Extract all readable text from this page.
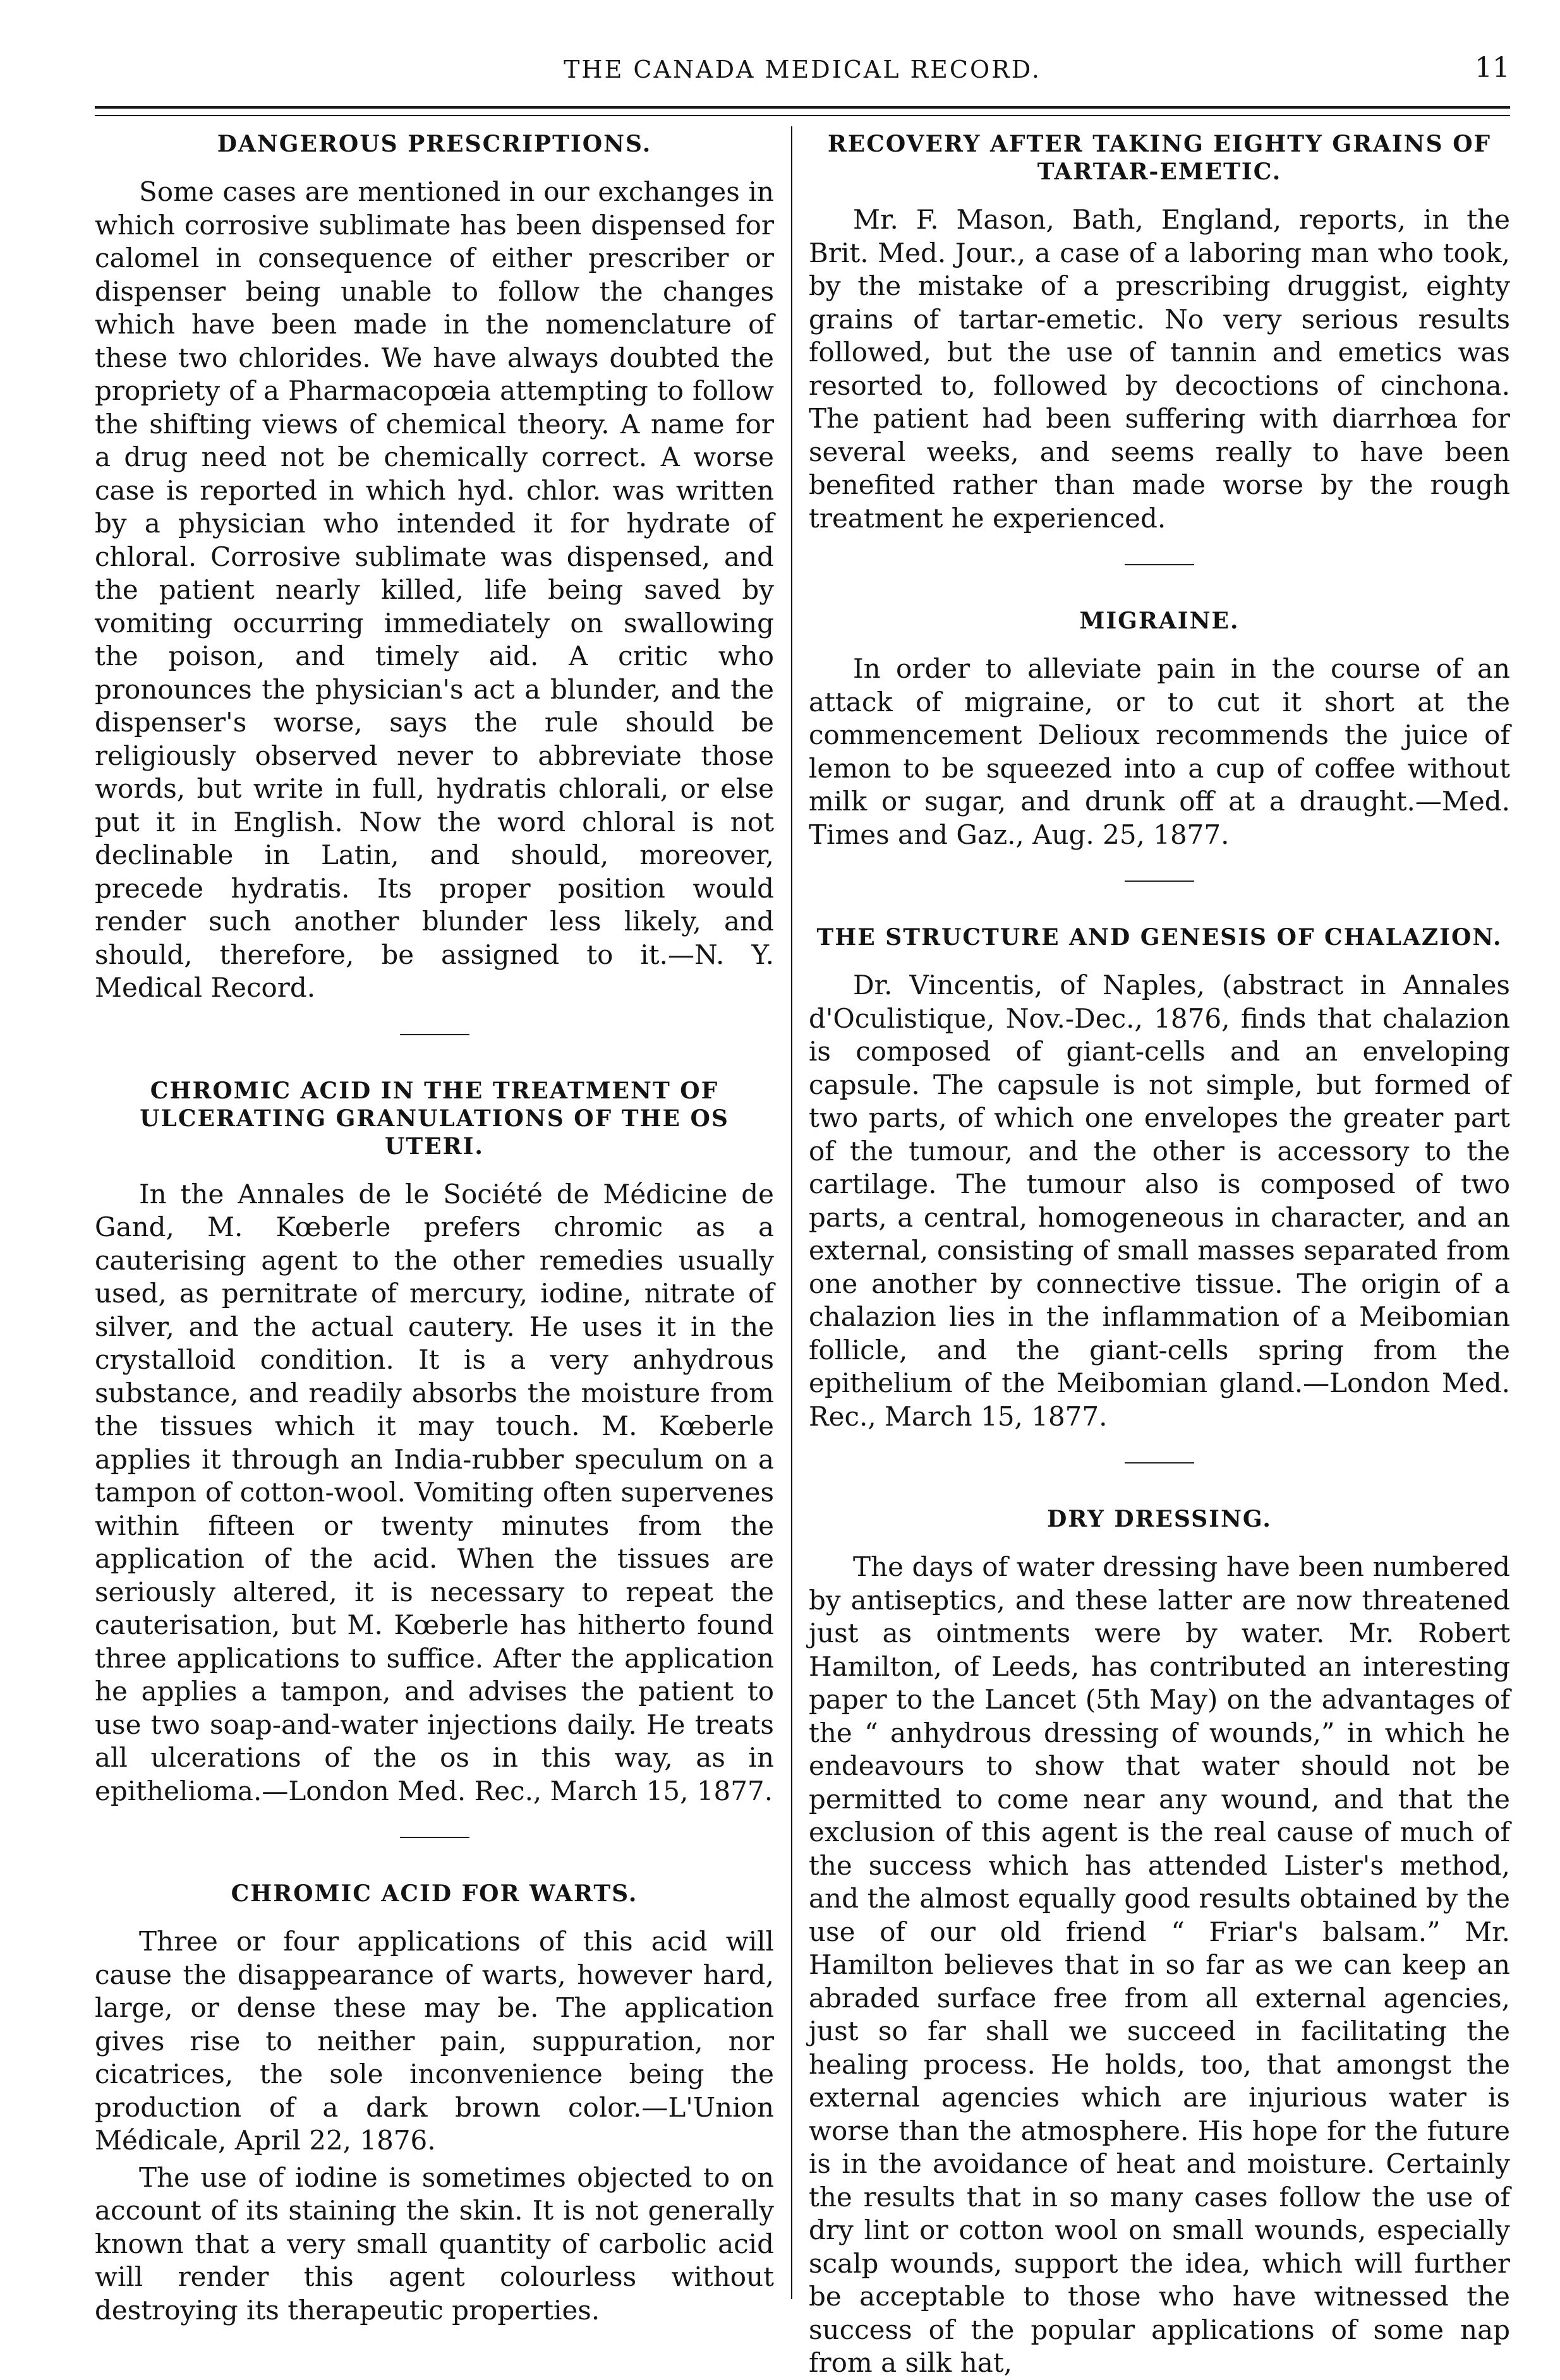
THE CANADA MEDICAL RECORD.	11
DANGEROUS PRESCRIPTIONS.

Some cases are mentioned in our exchanges in which corrosive sublimate has been dispensed for calomel in consequence of either prescriber or dispenser being unable to follow the changes which have been made in the nomenclature of these two chlorides. We have always doubted the propriety of a Pharmacopœia attempting to follow the shifting views of chemical theory. A name for a drug need not be chemically correct. A worse case is reported in which hyd. chlor. was written by a physician who intended it for hydrate of chloral. Corrosive sublimate was dispensed, and the patient nearly killed, life being saved by vomiting occurring immediately on swallowing the poison, and timely aid. A critic who pronounces the physician's act a blunder, and the dispenser's worse, says the rule should be religiously observed never to abbreviate those words, but write in full, hydratis chlorali, or else put it in English. Now the word chloral is not declinable in Latin, and should, moreover, precede hydratis. Its proper position would render such another blunder less likely, and should, therefore, be assigned to it.—N. Y. Medical Record.

CHROMIC ACID IN THE TREATMENT OF ULCERATING GRANULATIONS OF THE OS UTERI.

In the Annales de le Société de Médicine de Gand, M. Kœberle prefers chromic as a cauterising agent to the other remedies usually used, as pernitrate of mercury, iodine, nitrate of silver, and the actual cautery. He uses it in the crystalloid condition. It is a very anhydrous substance, and readily absorbs the moisture from the tissues which it may touch. M. Kœberle applies it through an India-rubber speculum on a tampon of cotton-wool. Vomiting often supervenes within fifteen or twenty minutes from the application of the acid. When the tissues are seriously altered, it is necessary to repeat the cauterisation, but M. Kœberle has hitherto found three applications to suffice. After the application he applies a tampon, and advises the patient to use two soap-and-water injections daily. He treats all ulcerations of the os in this way, as in epithelioma.—London Med. Rec., March 15, 1877.

CHROMIC ACID FOR WARTS.

Three or four applications of this acid will cause the disappearance of warts, however hard, large, or dense these may be. The application gives rise to neither pain, suppuration, nor cicatrices, the sole inconvenience being the production of a dark brown color.—L'Union Médicale, April 22, 1876.

The use of iodine is sometimes objected to on account of its staining the skin. It is not generally known that a very small quantity of carbolic acid will render this agent colourless without destroying its therapeutic properties.

RECOVERY AFTER TAKING EIGHTY GRAINS OF TARTAR-EMETIC.

Mr. F. Mason, Bath, England, reports, in the Brit. Med. Jour., a case of a laboring man who took, by the mistake of a prescribing druggist, eighty grains of tartar-emetic. No very serious results followed, but the use of tannin and emetics was resorted to, followed by decoctions of cinchona. The patient had been suffering with diarrhœa for several weeks, and seems really to have been benefited rather than made worse by the rough treatment he experienced.

MIGRAINE.

In order to alleviate pain in the course of an attack of migraine, or to cut it short at the commencement Delioux recommends the juice of lemon to be squeezed into a cup of coffee without milk or sugar, and drunk off at a draught.—Med. Times and Gaz., Aug. 25, 1877.

THE STRUCTURE AND GENESIS OF CHALAZION.

Dr. Vincentis, of Naples, (abstract in Annales d'Oculistique, Nov.-Dec., 1876, finds that chalazion is composed of giant-cells and an enveloping capsule. The capsule is not simple, but formed of two parts, of which one envelopes the greater part of the tumour, and the other is accessory to the cartilage. The tumour also is composed of two parts, a central, homogeneous in character, and an external, consisting of small masses separated from one another by connective tissue. The origin of a chalazion lies in the inflammation of a Meibomian follicle, and the giant-cells spring from the epithelium of the Meibomian gland.—London Med. Rec., March 15, 1877.

DRY DRESSING.

The days of water dressing have been numbered by antiseptics, and these latter are now threatened just as ointments were by water. Mr. Robert Hamilton, of Leeds, has contributed an interesting paper to the Lancet (5th May) on the advantages of the “ anhydrous dressing of wounds,” in which he endeavours to show that water should not be permitted to come near any wound, and that the exclusion of this agent is the real cause of much of the success which has attended Lister's method, and the almost equally good results obtained by the use of our old friend “ Friar's balsam.” Mr. Hamilton believes that in so far as we can keep an abraded surface free from all external agencies, just so far shall we succeed in facilitating the healing process. He holds, too, that amongst the external agencies which are injurious water is worse than the atmosphere. His hope for the future is in the avoidance of heat and moisture. Certainly the results that in so many cases follow the use of dry lint or cotton wool on small wounds, especially scalp wounds, support the idea, which will further be acceptable to those who have witnessed the success of the popular applications of some nap from a silk hat,
